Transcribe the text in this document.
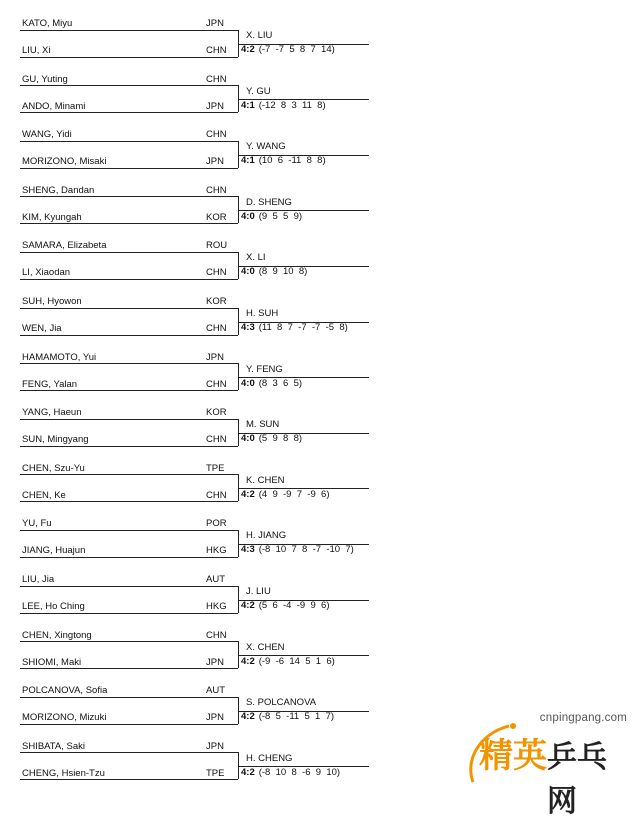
KATO, Miyu	JPN
X. LIU
4:2 (-7  -7  5  8  7  14)
LIU, Xi	CHN
GU, Yuting	CHN
Y. GU
4:1 (-12  8  3  11  8)
ANDO, Minami	JPN
WANG, Yidi	CHN
Y. WANG
4:1 (10  6  -11  8  8)
MORIZONO, Misaki	JPN
SHENG, Dandan	CHN
D. SHENG
4:0 (9  5  5  9)
KIM, Kyungah	KOR
SAMARA, Elizabeta	ROU
X. LI
4:0 (8  9  10  8)
LI, Xiaodan	CHN
SUH, Hyowon	KOR
H. SUH
4:3 (11  8  7  -7  -7  -5  8)
WEN, Jia	CHN
HAMAMOTO, Yui	JPN
Y. FENG
4:0 (8  3  6  5)
FENG, Yalan	CHN
YANG, Haeun	KOR
M. SUN
4:0 (5  9  8  8)
SUN, Mingyang	CHN
CHEN, Szu-Yu	TPE
K. CHEN
4:2 (4  9  -9  7  -9  6)
CHEN, Ke	CHN
YU, Fu	POR
H. JIANG
4:3 (-8  10  7  8  -7  -10  7)
JIANG, Huajun	HKG
LIU, Jia	AUT
J. LIU
4:2 (5  6  -4  -9  9  6)
LEE, Ho Ching	HKG
CHEN, Xingtong	CHN
X. CHEN
4:2 (-9  -6  14  5  1  6)
SHIOMI, Maki	JPN
POLCANOVA, Sofia	AUT
S. POLCANOVA
4:2 (-8  5  -11  5  1  7)
MORIZONO, Mizuki	JPN
SHIBATA, Saki	JPN
H. CHENG
4:2 (-8  10  8  -6  9  10)
CHENG, Hsien-Tzu	TPE
cnpingpang.com
精英 乒乓网
